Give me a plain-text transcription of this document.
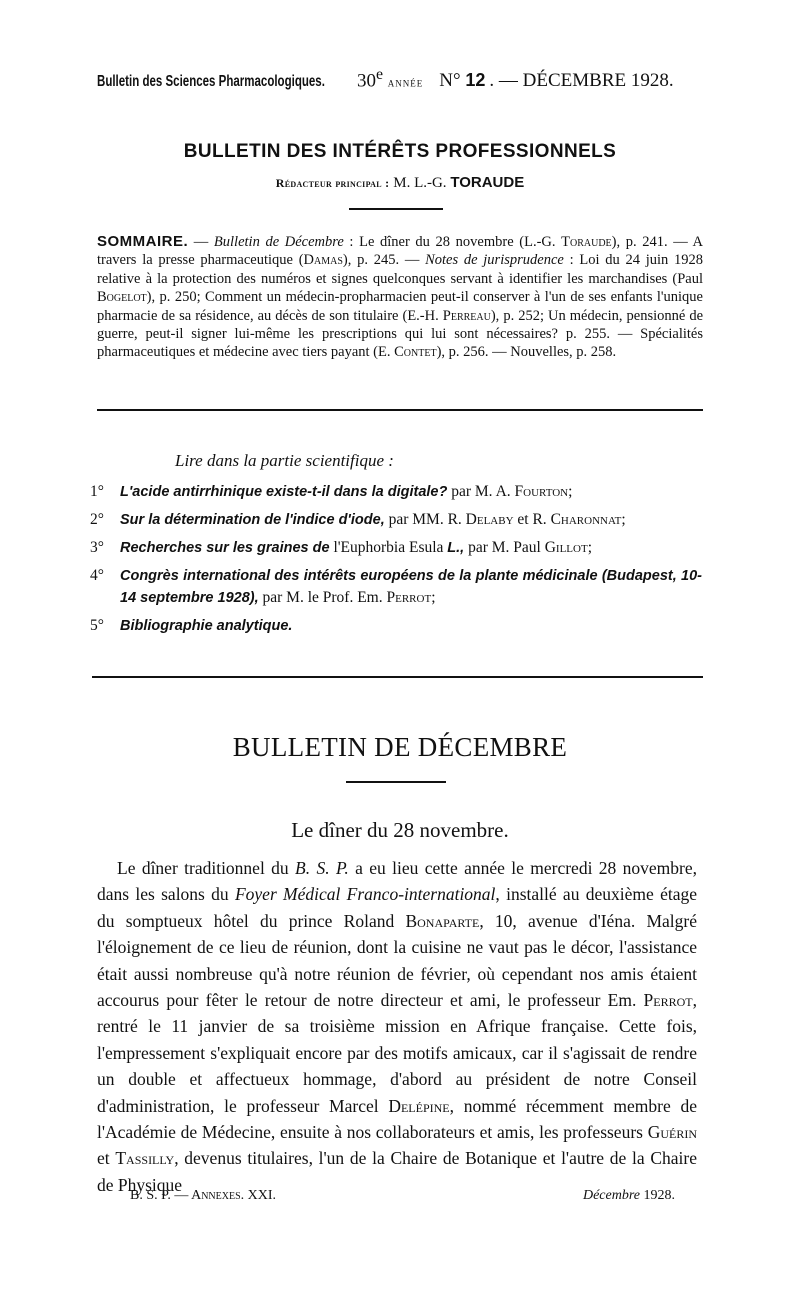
Bulletin des Sciences Pharmacologiques. 30e année N° 12 . — DÉCEMBRE 1928.
BULLETIN DES INTÉRÊTS PROFESSIONNELS
Rédacteur principal : M. L.-G. TORAUDE
SOMMAIRE. — Bulletin de Décembre : Le dîner du 28 novembre (L.-G. Toraude), p. 241. — A travers la presse pharmaceutique (Damas), p. 245. — Notes de jurisprudence : Loi du 24 juin 1928 relative à la protection des numéros et signes quelconques servant à identifier les marchandises (Paul Bogelot), p. 250; Comment un médecin-propharmacien peut-il conserver à l'un de ses enfants l'unique pharmacie de sa résidence, au décès de son titulaire (E.-H. Perreau), p. 252; Un médecin, pensionné de guerre, peut-il signer lui-même les prescriptions qui lui sont nécessaires? p. 255. — Spécialités pharmaceutiques et médecine avec tiers payant (E. Contet), p. 256. — Nouvelles, p. 258.
Lire dans la partie scientifique :
1° L'acide antirrhinique existe-t-il dans la digitale? par M. A. Fourton;
2° Sur la détermination de l'indice d'iode, par MM. R. Delaby et R. Charonnat;
3° Recherches sur les graines de l'Euphorbia Esula L., par M. Paul Gillot;
4° Congrès international des intérêts européens de la plante médicinale (Budapest, 10-14 septembre 1928), par M. le Prof. Em. Perrot;
5° Bibliographie analytique.
BULLETIN DE DÉCEMBRE
Le dîner du 28 novembre.
Le dîner traditionnel du B. S. P. a eu lieu cette année le mercredi 28 novembre, dans les salons du Foyer Médical Franco-international, installé au deuxième étage du somptueux hôtel du prince Roland Bonaparte, 10, avenue d'Iéna. Malgré l'éloignement de ce lieu de réunion, dont la cuisine ne vaut pas le décor, l'assistance était aussi nombreuse qu'à notre réunion de février, où cependant nos amis étaient accourus pour fêter le retour de notre directeur et ami, le professeur Em. Perrot, rentré le 11 janvier de sa troisième mission en Afrique française. Cette fois, l'empressement s'expliquait encore par des motifs amicaux, car il s'agissait de rendre un double et affectueux hommage, d'abord au président de notre Conseil d'administration, le professeur Marcel Delépine, nommé récemment membre de l'Académie de Médecine, ensuite à nos collaborateurs et amis, les professeurs Guérin et Tassilly, devenus titulaires, l'un de la Chaire de Botanique et l'autre de la Chaire de Physique
B. S. P. — Annexes. XXI.	Décembre 1928.
